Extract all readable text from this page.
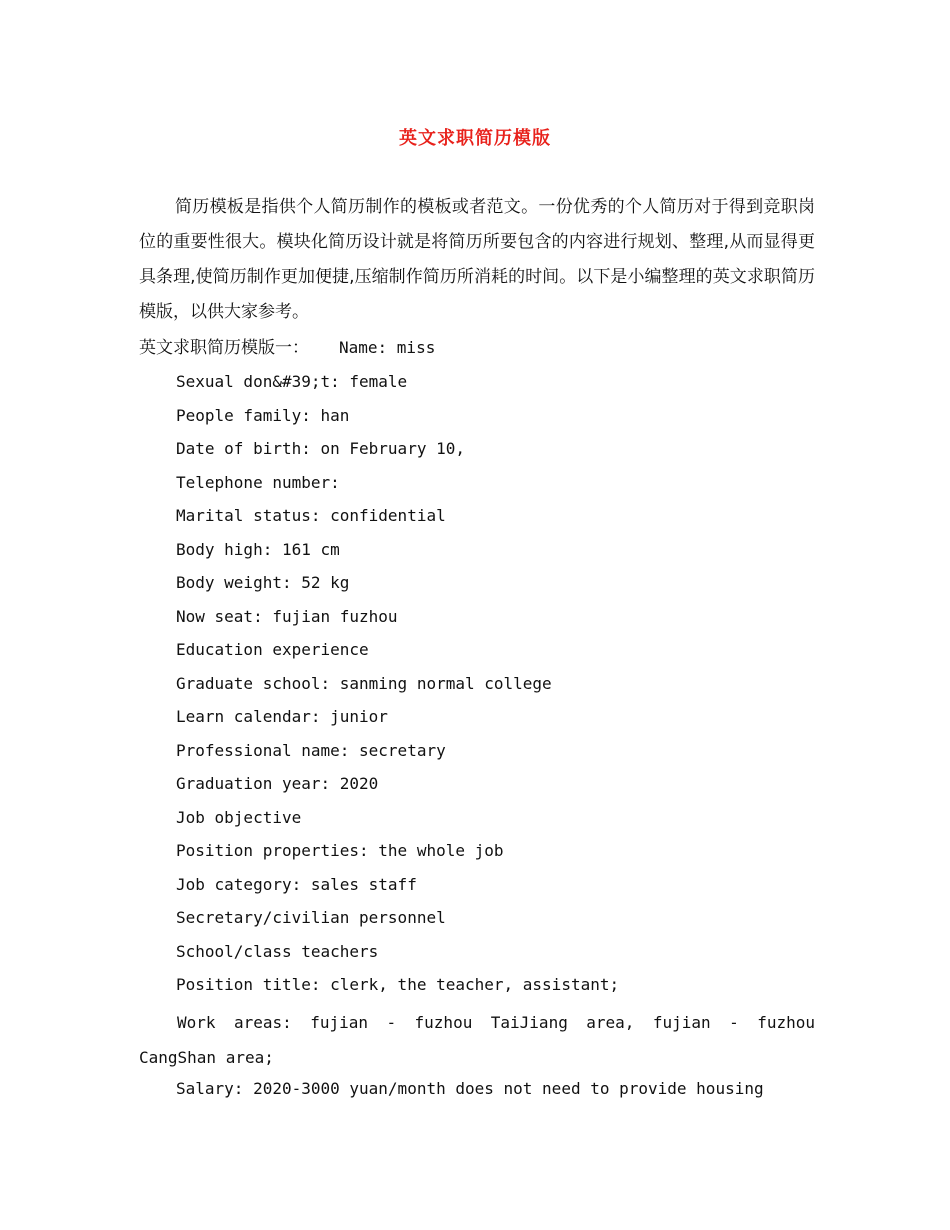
英文求职简历模版

简历模板是指供个人简历制作的模板或者范文。一份优秀的个人简历对于得到竞职岗位的重要性很大。模块化简历设计就是将简历所要包含的内容进行规划、整理,从而显得更具条理,使简历制作更加便捷,压缩制作简历所消耗的时间。以下是小编整理的英文求职简历模版，以供大家参考。

英文求职简历模版一： Name: miss
Sexual don&#39;t: female
People family: han
Date of birth: on February 10,
Telephone number:
Marital status: confidential
Body high: 161 cm
Body weight: 52 kg
Now seat: fujian fuzhou
Education experience
Graduate school: sanming normal college
Learn calendar: junior
Professional name: secretary
Graduation year: 2020
Job objective
Position properties: the whole job
Job category: sales staff
Secretary/civilian personnel
School/class teachers
Position title: clerk, the teacher, assistant;

Work areas: fujian - fuzhou TaiJiang area, fujian - fuzhou CangShan area;

Salary: 2020-3000 yuan/month does not need to provide housing
